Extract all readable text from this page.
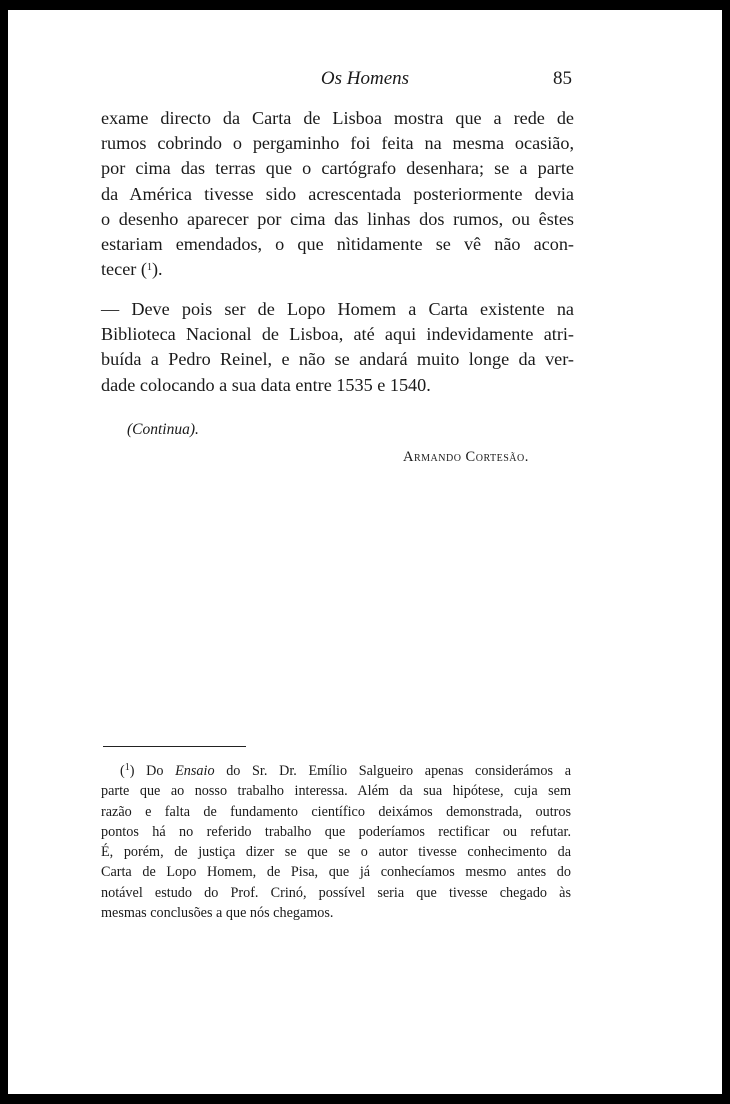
Os Homens	85
exame directo da Carta de Lisboa mostra que a rede de
rumos cobrindo o pergaminho foi feita na mesma ocasião,
por cima das terras que o cartógrafo desenhara; se a parte
da América tivesse sido acrescentada posteriormente devia
o desenho aparecer por cima das linhas dos rumos, ou êstes
estariam emendados, o que nìtidamente se vê não acon-
tecer ($^1$).
— Deve pois ser de Lopo Homem a Carta existente na
Biblioteca Nacional de Lisboa, até aqui indevidamente atri-
buída a Pedro Reinel, e não se andará muito longe da ver-
dade colocando a sua data entre 1535 e 1540.
(Continua).
Armando Cortesão.
($^1$) Do Ensaio do Sr. Dr. Emílio Salgueiro apenas considerámos a
parte que ao nosso trabalho interessa. Além da sua hipótese, cuja sem
razão e falta de fundamento científico deixámos demonstrada, outros
pontos há no referido trabalho que poderíamos rectificar ou refutar.
É, porém, de justiça dizer se que se o autor tivesse conhecimento da
Carta de Lopo Homem, de Pisa, que já conhecíamos mesmo antes do
notável estudo do Prof. Crinó, possível seria que tivesse chegado às
mesmas conclusões a que nós chegamos.
